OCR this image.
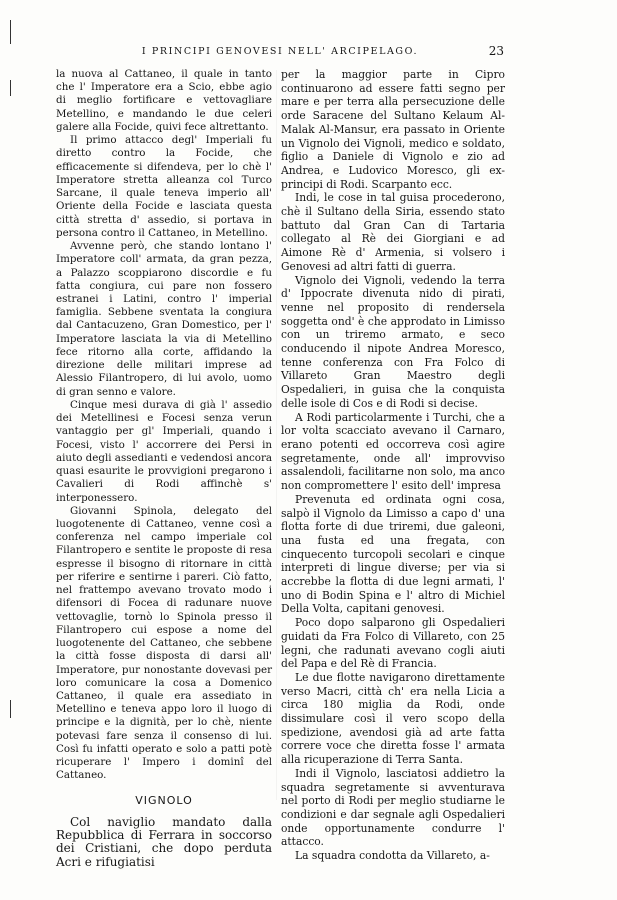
I PRINCIPI GENOVESI NELL' ARCIPELAGO.	23

la nuova al Cattaneo, il quale in tanto che l' Imperatore era a Scio, ebbe agio di meglio fortificare e vettovagliare Metellino, e mandando le due celeri galere alla Focide, quivi fece altrettanto.

Il primo attacco degl' Imperiali fu diretto contro la Focide, che efficacemente si difendeva, per lo chè l' Imperatore stretta alleanza col Turco Sarcane, il quale teneva imperio all' Oriente della Focide e lasciata questa città stretta d' assedio, si portava in persona contro il Cattaneo, in Metellino.

Avvenne però, che stando lontano l' Imperatore coll' armata, da gran pezza, a Palazzo scoppiarono discordie e fu fatta congiura, cui pare non fossero estranei i Latini, contro l' imperial famiglia. Sebbene sventata la congiura dal Cantacuzeno, Gran Domestico, per l' Imperatore lasciata la via di Metellino fece ritorno alla corte, affidando la direzione delle militari imprese ad Alessio Filantropero, di lui avolo, uomo di gran senno e valore.

Cinque mesi durava di già l' assedio dei Metellinesi e Focesi senza verun vantaggio per gl' Imperiali, quando i Focesi, visto l' accorrere dei Persi in aiuto degli assedianti e vedendosi ancora quasi esaurite le provvigioni pregarono i Cavalieri di Rodi affinchè s' interponessero.

Giovanni Spinola, delegato del luogotenente di Cattaneo, venne così a conferenza nel campo imperiale col Filantropero e sentite le proposte di resa espresse il bisogno di ritornare in città per riferire e sentirne i pareri. Ciò fatto, nel frattempo avevano trovato modo i difensori di Focea di radunare nuove vettovaglie, tornò lo Spinola presso il Filantropero cui espose a nome del luogotenente del Cattaneo, che sebbene la città fosse disposta di darsi all' Imperatore, pur nonostante dovevasi per loro comunicare la cosa a Domenico Cattaneo, il quale era assediato in Metellino e teneva appo loro il luogo di principe e la dignità, per lo chè, niente potevasi fare senza il consenso di lui. Così fu infatti operato e solo a patti potè ricuperare l' Impero i dominî del Cattaneo.

VIGNOLO

Col naviglio mandato dalla Repubblica di Ferrara in soccorso dei Cristiani, che dopo perduta Acri e rifugiatisi

per la maggior parte in Cipro continuarono ad essere fatti segno per mare e per terra alla persecuzione delle orde Saracene del Sultano Kelaum Al-Malak Al-Mansur, era passato in Oriente un Vignolo dei Vignoli, medico e soldato, figlio a Daniele di Vignolo e zio ad Andrea, e Ludovico Moresco, gli ex-principi di Rodi. Scarpanto ecc.

Indi, le cose in tal guisa procederono, chè il Sultano della Siria, essendo stato battuto dal Gran Can di Tartaria collegato al Rè dei Giorgiani e ad Aimone Rè d' Armenia, si volsero i Genovesi ad altri fatti di guerra.

Vignolo dei Vignoli, vedendo la terra d' Ippocrate divenuta nido di pirati, venne nel proposito di rendersela soggetta ond' è che approdato in Limisso con un triremo armato, e seco conducendo il nipote Andrea Moresco, tenne conferenza con Fra Folco di Villareto Gran Maestro degli Ospedalieri, in guisa che la conquista delle isole di Cos e di Rodi si decise.

A Rodi particolarmente i Turchi, che a lor volta scacciato avevano il Carnaro, erano potenti ed occorreva così agire segretamente, onde all' improvviso assalendoli, facilitarne non solo, ma anco non compromettere l' esito dell' impresa

Prevenuta ed ordinata ogni cosa, salpò il Vignolo da Limisso a capo d' una flotta forte di due triremi, due galeoni, una fusta ed una fregata, con cinquecento turcopoli secolari e cinque interpreti di lingue diverse; per via si accrebbe la flotta di due legni armati, l' uno di Bodin Spina e l' altro di Michiel Della Volta, capitani genovesi.

Poco dopo salparono gli Ospedalieri guidati da Fra Folco di Villareto, con 25 legni, che radunati avevano cogli aiuti del Papa e del Rè di Francia.

Le due flotte navigarono direttamente verso Macri, città ch' era nella Licia a circa 180 miglia da Rodi, onde dissimulare così il vero scopo della spedizione, avendosi già ad arte fatta correre voce che diretta fosse l' armata alla ricuperazione di Terra Santa.

Indi il Vignolo, lasciatosi addietro la squadra segretamente si avventurava nel porto di Rodi per meglio studiarne le condizioni e dar segnale agli Ospedalieri onde opportunamente condurre l' attacco.

La squadra condotta da Villareto, a-
